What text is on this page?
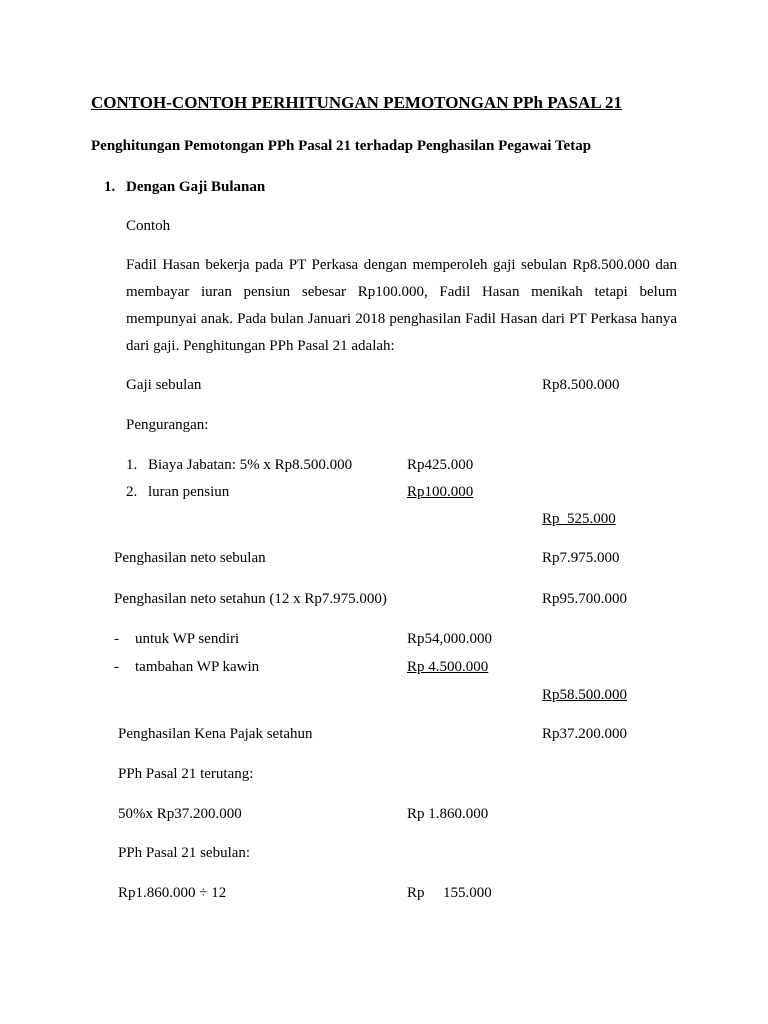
CONTOH-CONTOH PERHITUNGAN PEMOTONGAN PPh PASAL 21
Penghitungan Pemotongan PPh Pasal 21 terhadap Penghasilan Pegawai Tetap
1. Dengan Gaji Bulanan
Contoh
Fadil Hasan bekerja pada PT Perkasa dengan memperoleh gaji sebulan Rp8.500.000 dan
membayar iuran pensiun sebesar Rp100.000, Fadil Hasan menikah tetapi belum
mempunyai anak. Pada bulan Januari 2018 penghasilan Fadil Hasan dari PT Perkasa hanya
dari gaji. Penghitungan PPh Pasal 21 adalah:
Gaji sebulan	Rp8.500.000
Pengurangan:
1. Biaya Jabatan: 5% x Rp8.500.000	Rp425.000
2. luran pensiun	Rp100.000
Rp  525.000
Penghasilan neto sebulan	Rp7.975.000
Penghasilan neto setahun (12 x Rp7.975.000)	Rp95.700.000
- untuk WP sendiri	Rp54,000.000
- tambahan WP kawin	Rp 4.500.000
Rp58.500.000
Penghasilan Kena Pajak setahun	Rp37.200.000
PPh Pasal 21 terutang:
50%x Rp37.200.000	Rp 1.860.000
PPh Pasal 21 sebulan:
Rp1.860.000 ÷ 12	Rp 155.000
